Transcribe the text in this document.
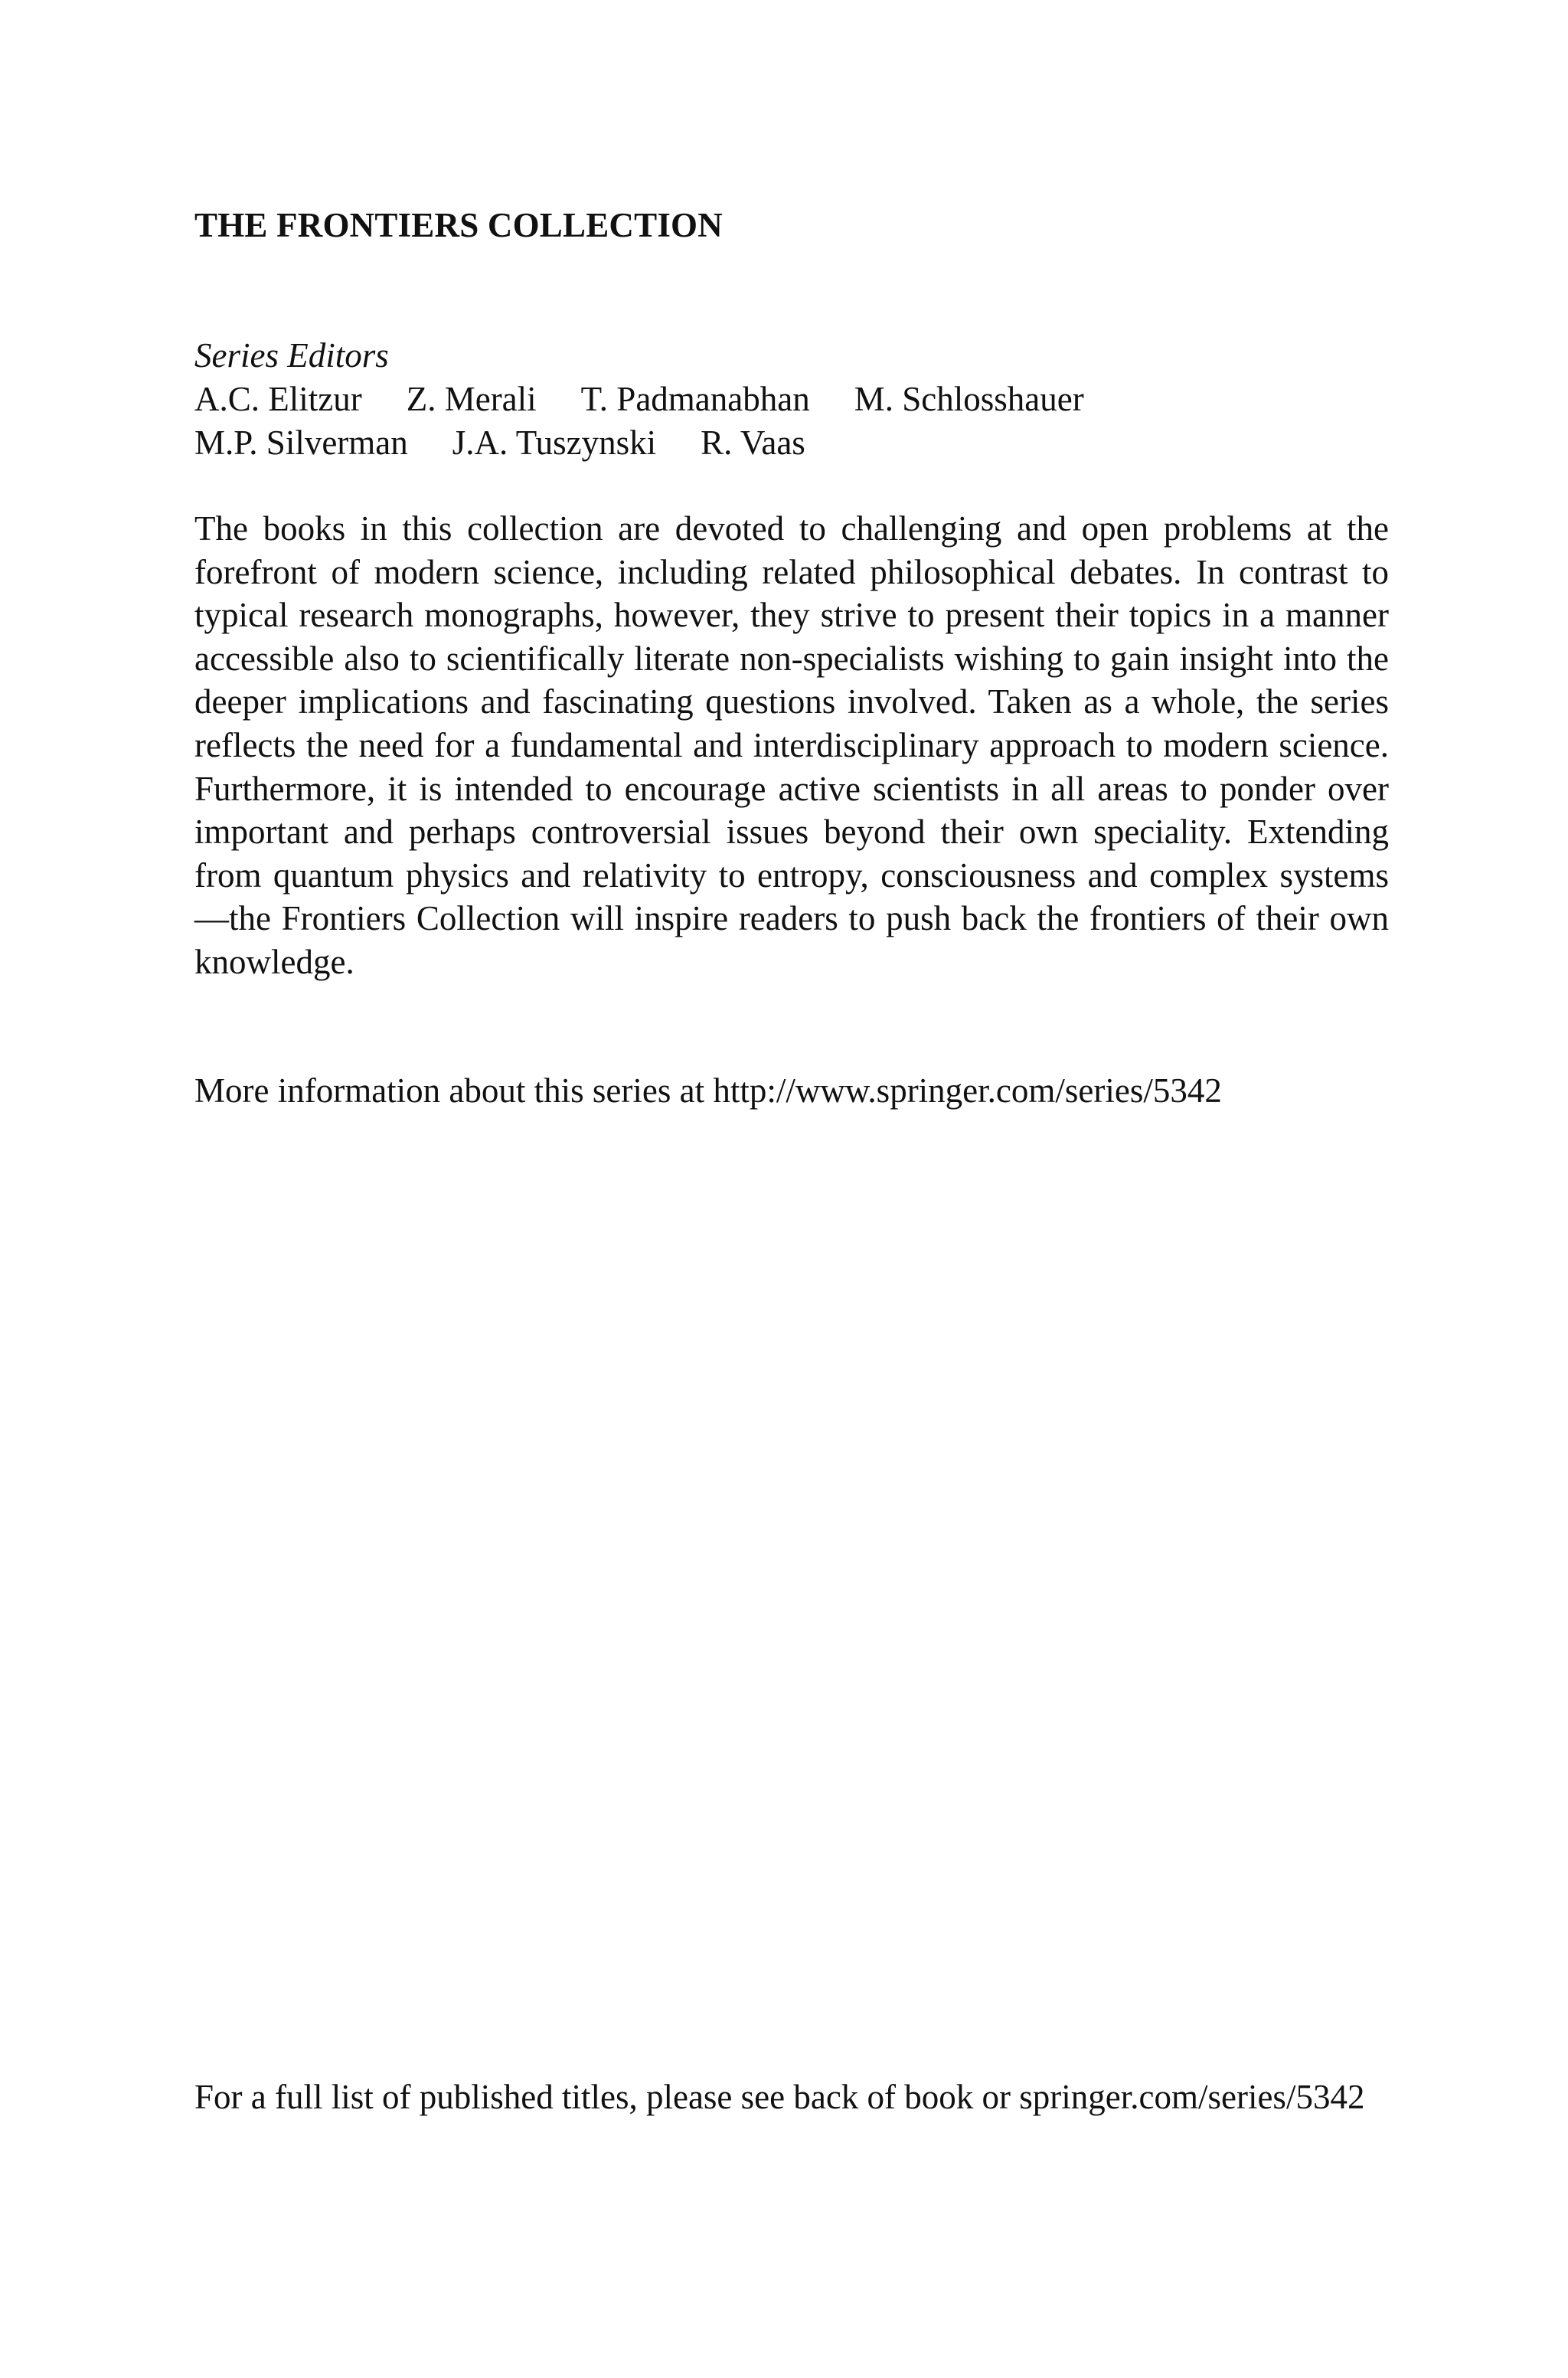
THE FRONTIERS COLLECTION

Series Editors

A.C. Elitzur Z. Merali T. Padmanabhan M. Schlosshauer

M.P. Silverman J.A. Tuszynski R. Vaas

The books in this collection are devoted to challenging and open problems at the forefront of modern science, including related philosophical debates. In contrast to typical research monographs, however, they strive to present their topics in a manner accessible also to scientifically literate non-specialists wishing to gain insight into the deeper implications and fascinating questions involved. Taken as a whole, the series reflects the need for a fundamental and interdisciplinary approach to modern science. Furthermore, it is intended to encourage active scientists in all areas to ponder over important and perhaps controversial issues beyond their own speciality. Extending from quantum physics and relativity to entropy, consciousness and complex systems—the Frontiers Collection will inspire readers to push back the frontiers of their own knowledge.

More information about this series at http://www.springer.com/series/5342

For a full list of published titles, please see back of book or springer.com/series/5342
